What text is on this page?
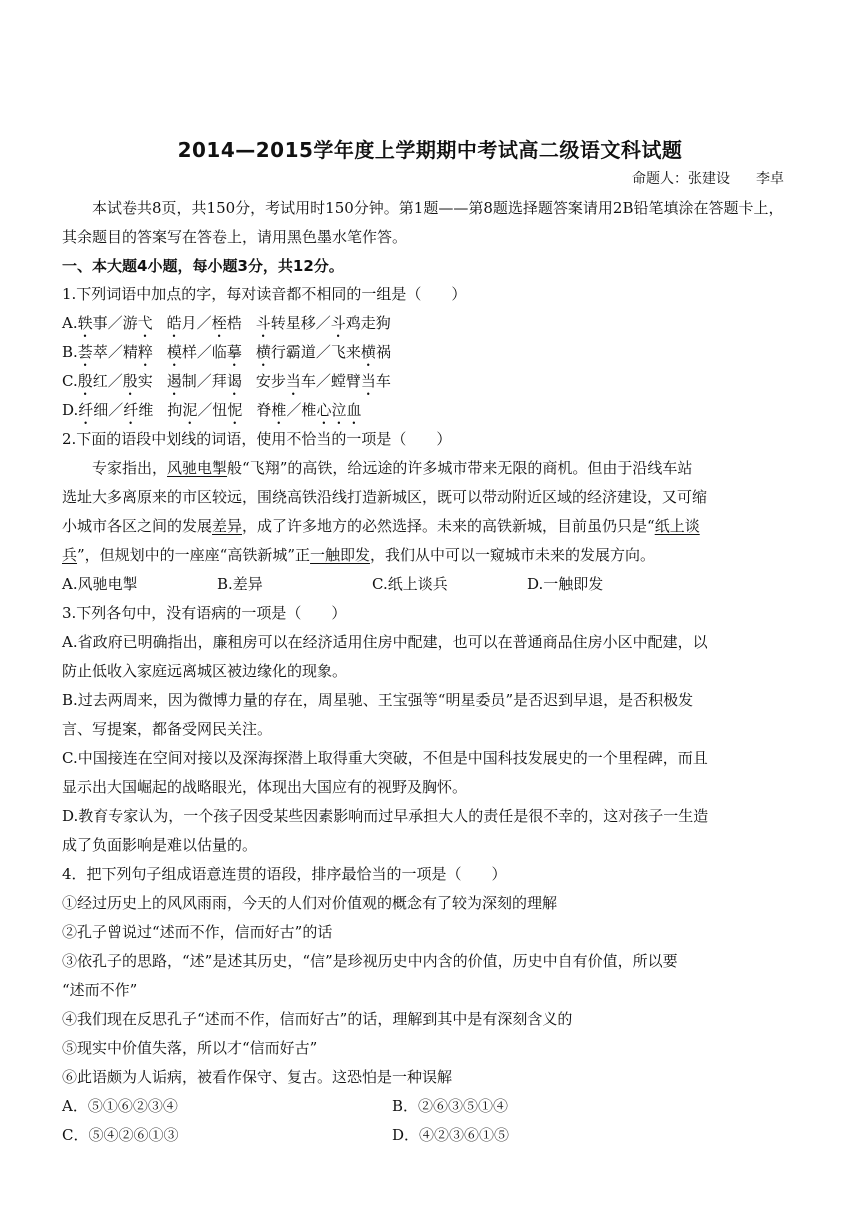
2014—2015学年度上学期期中考试高二级语文科试题
命题人：张建设 李卓
本试卷共8页，共150分，考试用时150分钟。第1题——第8题选择题答案请用2B铅笔填涂在答题卡上，
其余题目的答案写在答卷上，请用黑色墨水笔作答。
一、本大题4小题，每小题3分，共12分。
1.下列词语中加点的字，每对读音都不相同的一组是（　　）
A.轶事／游弋 皓月／桎梏 斗转星移／斗鸡走狗
B.荟萃／精粹 模样／临摹 横行霸道／飞来横祸
C.殷红／殷实 遏制／拜谒 安步当车／螳臂当车
D.纤细／纤维 拘泥／忸怩 脊椎／椎心泣血
2.下面的语段中划线的词语，使用不恰当的一项是（　　）
专家指出，风驰电掣般“飞翔”的高铁，给远途的许多城市带来无限的商机。但由于沿线车站
选址大多离原来的市区较远，围绕高铁沿线打造新城区，既可以带动附近区域的经济建设，又可缩
小城市各区之间的发展差异，成了许多地方的必然选择。未来的高铁新城，目前虽仍只是“纸上谈
兵”，但规划中的一座座“高铁新城”正一触即发，我们从中可以一窥城市未来的发展方向。
A.风驰电掣	B.差异	C.纸上谈兵	D.一触即发
3.下列各句中，没有语病的一项是（　　）
A.省政府已明确指出，廉租房可以在经济适用住房中配建，也可以在普通商品住房小区中配建，以
防止低收入家庭远离城区被边缘化的现象。
B.过去两周来，因为微博力量的存在，周星驰、王宝强等“明星委员”是否迟到早退，是否积极发
言、写提案，都备受网民关注。
C.中国接连在空间对接以及深海探潜上取得重大突破，不但是中国科技发展史的一个里程碑，而且
显示出大国崛起的战略眼光，体现出大国应有的视野及胸怀。
D.教育专家认为，一个孩子因受某些因素影响而过早承担大人的责任是很不幸的，这对孩子一生造
成了负面影响是难以估量的。
4．把下列句子组成语意连贯的语段，排序最恰当的一项是（　　）
①经过历史上的风风雨雨，今天的人们对价值观的概念有了较为深刻的理解
②孔子曾说过“述而不作，信而好古”的话
③依孔子的思路，“述”是述其历史，“信”是珍视历史中内含的价值，历史中自有价值，所以要
“述而不作”
④我们现在反思孔子“述而不作，信而好古”的话，理解到其中是有深刻含义的
⑤现实中价值失落，所以才“信而好古”
⑥此语颇为人诟病，被看作保守、复古。这恐怕是一种误解
A．⑤①⑥②③④	B．②⑥③⑤①④
C．⑤④②⑥①③	D．④②③⑥①⑤
